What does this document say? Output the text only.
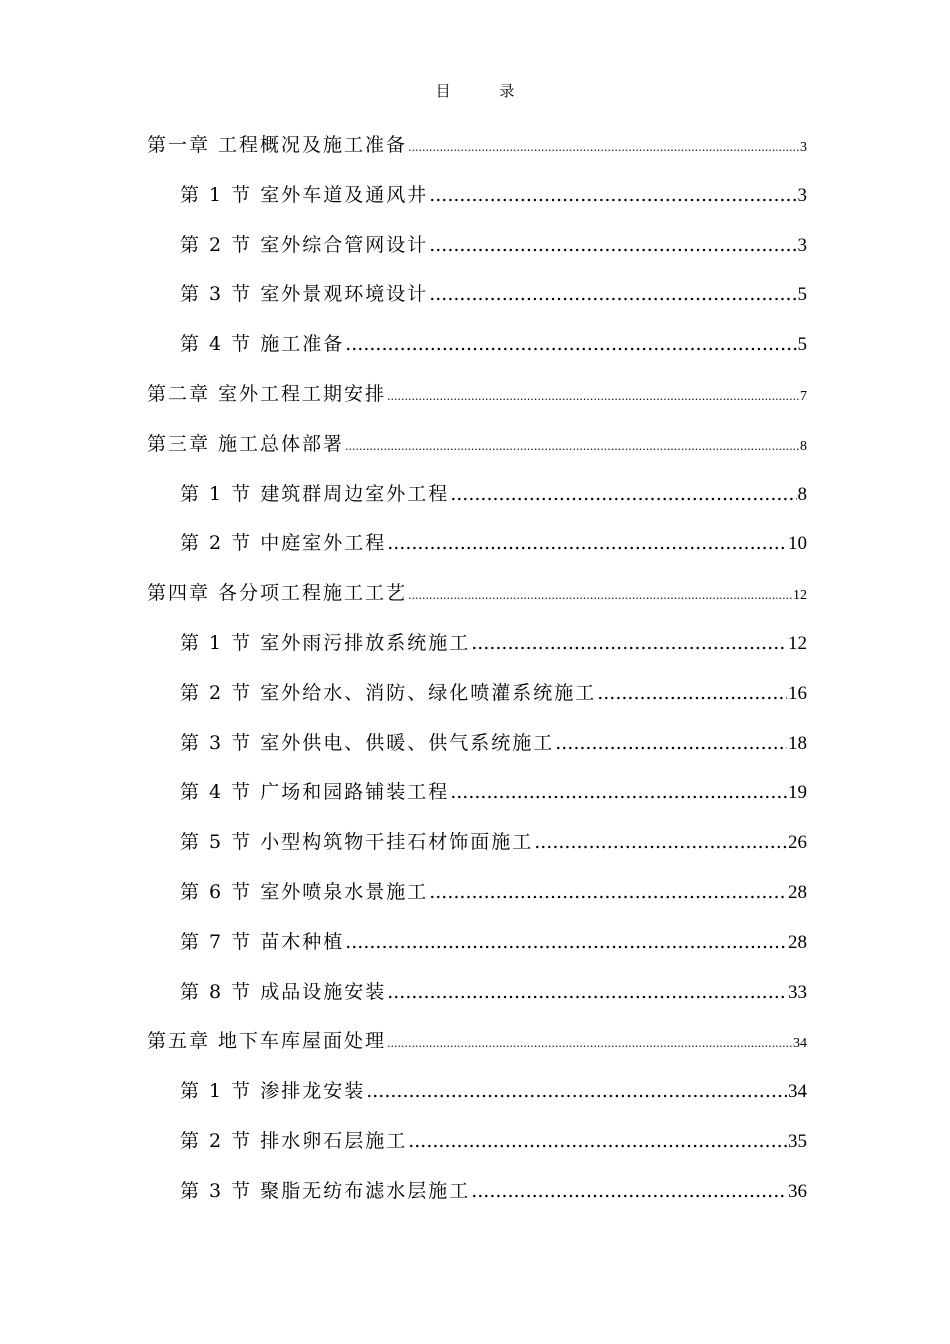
目 录
第一章 工程概况及施工准备 .....	3
第 1 节 室外车道及通风井 .....	3
第 2 节 室外综合管网设计 .....	3
第 3 节 室外景观环境设计 .....	5
第 4 节 施工准备 .....	5
第二章 室外工程工期安排 .....	7
第三章 施工总体部署 .....	8
第 1 节 建筑群周边室外工程 .....	8
第 2 节 中庭室外工程 .....	10
第四章 各分项工程施工工艺 .....	12
第 1 节 室外雨污排放系统施工 .....	12
第 2 节 室外给水、消防、绿化喷灌系统施工 .....	16
第 3 节 室外供电、供暖、供气系统施工 .....	18
第 4 节 广场和园路铺装工程 .....	19
第 5 节 小型构筑物干挂石材饰面施工 .....	26
第 6 节 室外喷泉水景施工 .....	28
第 7 节 苗木种植 .....	28
第 8 节 成品设施安装 .....	33
第五章 地下车库屋面处理 .....	34
第 1 节 渗排龙安装 .....	34
第 2 节 排水卵石层施工 .....	35
第 3 节 聚脂无纺布滤水层施工 .....	36
